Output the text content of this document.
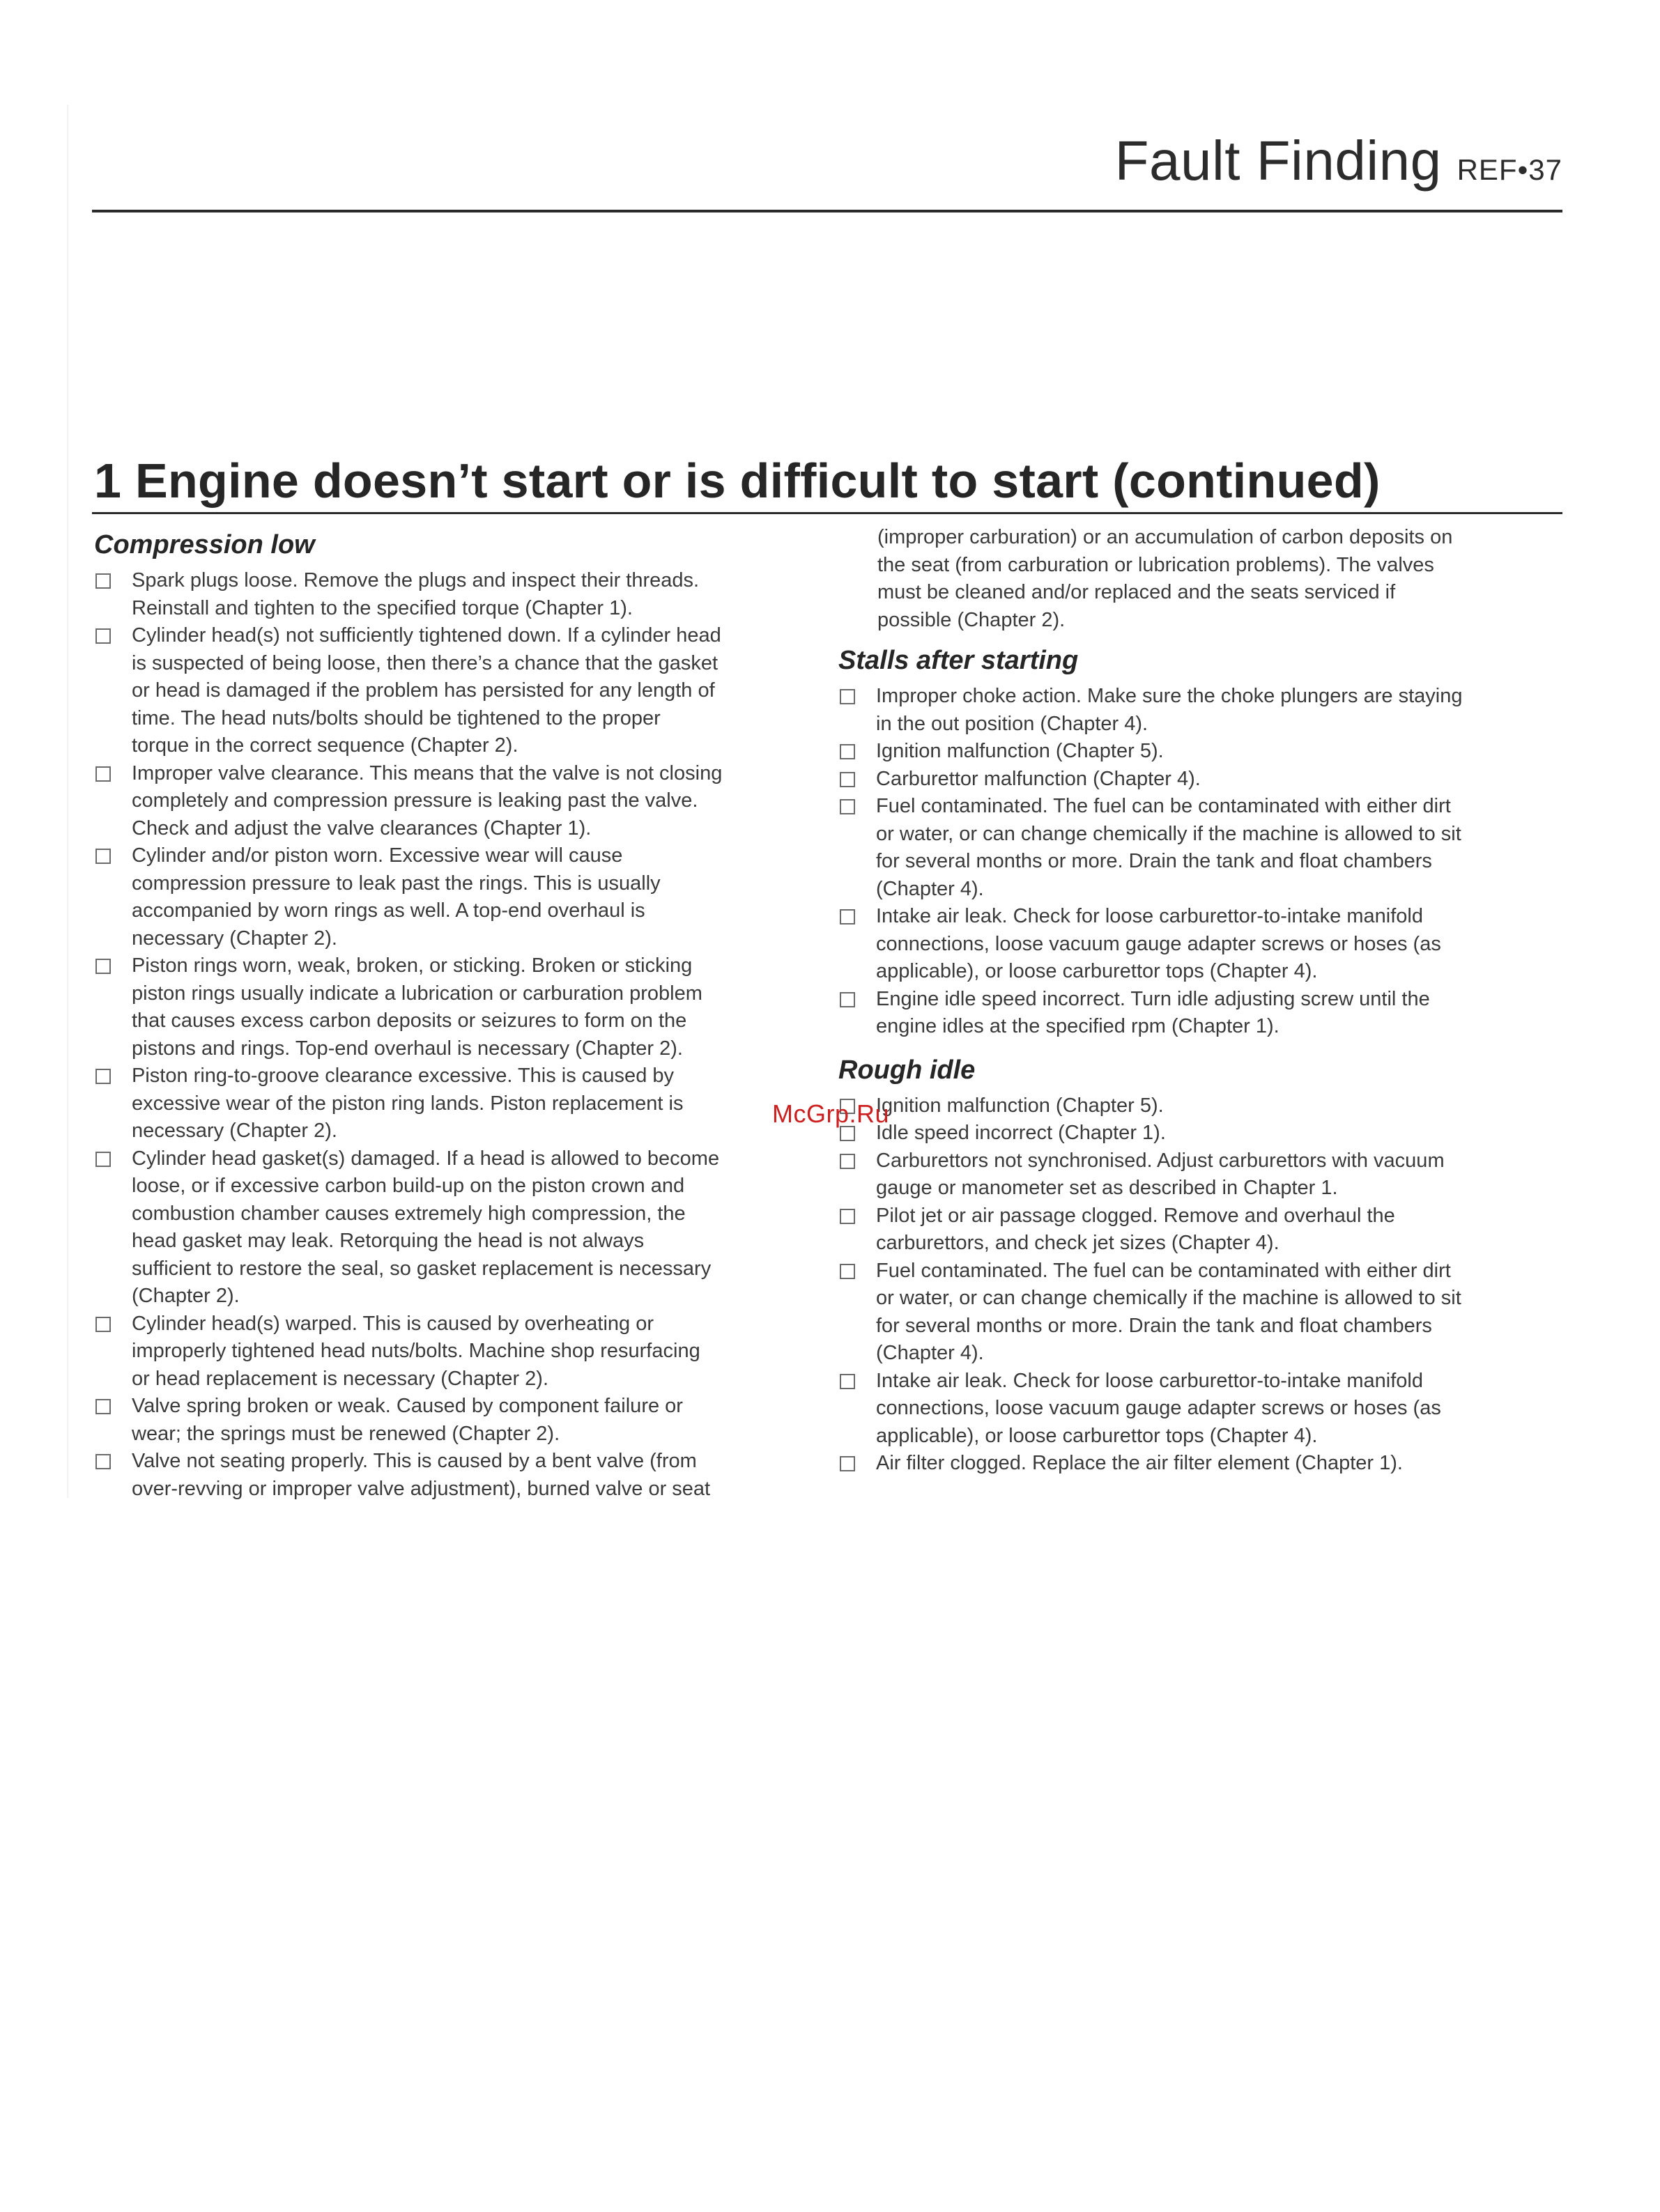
Fault Finding REF•37
1 Engine doesn’t start or is difficult to start (continued)
Compression low
Spark plugs loose. Remove the plugs and inspect their threads.
Reinstall and tighten to the specified torque (Chapter 1).
Cylinder head(s) not sufficiently tightened down. If a cylinder head
is suspected of being loose, then there’s a chance that the gasket
or head is damaged if the problem has persisted for any length of
time. The head nuts/bolts should be tightened to the proper
torque in the correct sequence (Chapter 2).
Improper valve clearance. This means that the valve is not closing
completely and compression pressure is leaking past the valve.
Check and adjust the valve clearances (Chapter 1).
Cylinder and/or piston worn. Excessive wear will cause
compression pressure to leak past the rings. This is usually
accompanied by worn rings as well. A top-end overhaul is
necessary (Chapter 2).
Piston rings worn, weak, broken, or sticking. Broken or sticking
piston rings usually indicate a lubrication or carburation problem
that causes excess carbon deposits or seizures to form on the
pistons and rings. Top-end overhaul is necessary (Chapter 2).
Piston ring-to-groove clearance excessive. This is caused by
excessive wear of the piston ring lands. Piston replacement is
necessary (Chapter 2).
Cylinder head gasket(s) damaged. If a head is allowed to become
loose, or if excessive carbon build-up on the piston crown and
combustion chamber causes extremely high compression, the
head gasket may leak. Retorquing the head is not always
sufficient to restore the seal, so gasket replacement is necessary
(Chapter 2).
Cylinder head(s) warped. This is caused by overheating or
improperly tightened head nuts/bolts. Machine shop resurfacing
or head replacement is necessary (Chapter 2).
Valve spring broken or weak. Caused by component failure or
wear; the springs must be renewed (Chapter 2).
Valve not seating properly. This is caused by a bent valve (from
over-revving or improper valve adjustment), burned valve or seat
(improper carburation) or an accumulation of carbon deposits on
the seat (from carburation or lubrication problems). The valves
must be cleaned and/or replaced and the seats serviced if
possible (Chapter 2).
Stalls after starting
Improper choke action. Make sure the choke plungers are staying
in the out position (Chapter 4).
Ignition malfunction (Chapter 5).
Carburettor malfunction (Chapter 4).
Fuel contaminated. The fuel can be contaminated with either dirt
or water, or can change chemically if the machine is allowed to sit
for several months or more. Drain the tank and float chambers
(Chapter 4).
Intake air leak. Check for loose carburettor-to-intake manifold
connections, loose vacuum gauge adapter screws or hoses (as
applicable), or loose carburettor tops (Chapter 4).
Engine idle speed incorrect. Turn idle adjusting screw until the
engine idles at the specified rpm (Chapter 1).
Rough idle
Ignition malfunction (Chapter 5).
Idle speed incorrect (Chapter 1).
Carburettors not synchronised. Adjust carburettors with vacuum
gauge or manometer set as described in Chapter 1.
Pilot jet or air passage clogged. Remove and overhaul the
carburettors, and check jet sizes (Chapter 4).
Fuel contaminated. The fuel can be contaminated with either dirt
or water, or can change chemically if the machine is allowed to sit
for several months or more. Drain the tank and float chambers
(Chapter 4).
Intake air leak. Check for loose carburettor-to-intake manifold
connections, loose vacuum gauge adapter screws or hoses (as
applicable), or loose carburettor tops (Chapter 4).
Air filter clogged. Replace the air filter element (Chapter 1).
McGrp.Ru
